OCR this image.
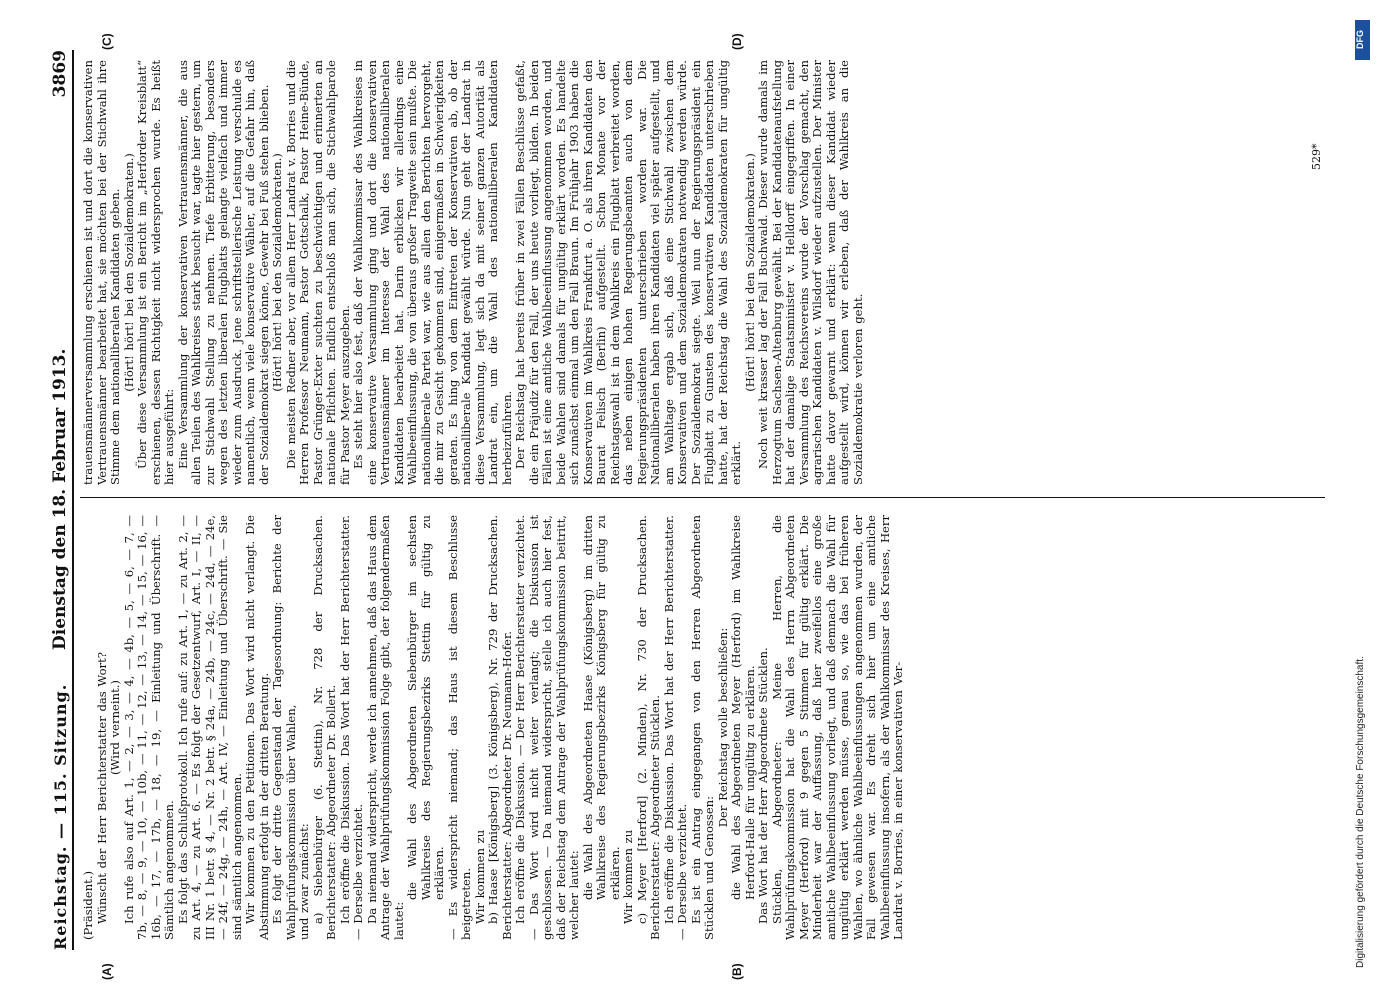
Reichstag. — 115. Sitzung.
Dienstag den 18. Februar 1913.
3869
(A)	(B)
(C)	(D)

(Präsident.) Wünscht der Herr Berichterstatter das Wort? (Wird verneint.) Ich rufe also auf Art. 1, — 2, — 3, — 4, — 4b, — 5, — 6, — 7, — 7b, — 8, — 9, — 10, — 10b, — 11, — 12, — 13, — 14, — 15, — 16, — 16b, — 17, — 17b, — 18, — 19, — Einleitung und Überschrift. — Sämtlich angenommen. Es folgt das Schlußprotokoll. Ich rufe auf: zu Art. 1, — zu Art. 2, — zu Art. 4, — zu Art. 6. — Es folgt der Gesetzentwurf, Art. I, — II, — III Nr. 1 betr. § 4, — Nr. 2 betr. § 24a, — 24b, — 24c, — 24d, — 24e, — 24f, — 24g, — 24h, — Art. IV, — Einleitung und Überschrift. — Sie sind sämtlich angenommen. Wir kommen zu den Petitionen. Das Wort wird nicht verlangt. Die Abstimmung erfolgt in der dritten Beratung. Es folgt der dritte Gegenstand der Tagesordnung: Berichte der Wahlprüfungskommission über Wahlen, und zwar zunächst: a) Siebenbürger (6. Stettin), Nr. 728 der Drucksachen. Berichterstatter: Abgeordneter Dr. Bollert. Ich eröffne die Diskussion. Das Wort hat der Herr Berichterstatter. — Derselbe verzichtet. Da niemand widerspricht, werde ich annehmen, daß das Haus dem Antrage der Wahlprüfungskommission Folge gibt, der folgendermaßen lautet:

die Wahl des Abgeordneten Siebenbürger im sechsten Wahlkreise des Regierungsbezirks Stettin für gültig zu erklären. — Es widerspricht niemand; das Haus ist diesem Beschlusse beigetreten. Wir kommen zu b) Haase [Königsberg] (3. Königsberg), Nr. 729 der Drucksachen. Berichterstatter: Abgeordneter Dr. Neumann-Hofer. Ich eröffne die Diskussion. — Der Herr Berichterstatter verzichtet. — Das Wort wird nicht weiter verlangt; die Diskussion ist geschlossen. — Da niemand widerspricht, stelle ich auch hier fest, daß der Reichstag dem Antrage der Wahlprüfungskommission beitritt, welcher lautet: die Wahl des Abgeordneten Haase (Königsberg) im dritten Wahlkreise des Regierungsbezirks Königsberg für gültig zu erklären. Wir kommen zu c) Meyer [Herford] (2. Minden), Nr. 730 der Drucksachen. Berichterstatter: Abgeordneter Stücklen. Ich eröffne die Diskussion. Das Wort hat der Herr Berichterstatter. — Derselbe verzichtet. Es ist ein Antrag eingegangen von den Herren Abgeordneten Stücklen und Genossen:

Der Reichstag wolle beschließen: die Wahl des Abgeordneten Meyer (Herford) im Wahlkreise Herford-Halle für ungültig zu erklären. Das Wort hat der Herr Abgeordnete Stücklen. Stücklen, Abgeordneter: Meine Herren, die Wahlprüfungskommission hat die Wahl des Herrn Abgeordneten Meyer (Herford) mit 9 gegen 5 Stimmen für gültig erklärt. Die Minderheit war der Auffassung, daß hier zweifellos eine große amtliche Wahlbeeinflussung vorliegt, und daß demnach die Wahl für ungültig erklärt werden müsse, genau so, wie das bei früheren Wahlen, wo ähnliche Wahlbeeinflussungen angenommen wurden, der Fall gewesen war. Es dreht sich hier um eine amtliche Wahlbeeinflussung insofern, als der Wahlkommissar des Kreises, Herr Landrat v. Borries, in einer konservativen Ver-

trauensmännerversammlung erschienen ist und dort die konservativen Vertrauensmänner bearbeitet hat, sie möchten bei der Stichwahl ihre Stimme dem nationalliberalen Kandidaten geben. (Hört! hört! bei den Sozialdemokraten.) Über diese Versammlung ist ein Bericht im „Herforder Kreisblatt“ erschienen, dessen Richtigkeit nicht widersprochen wurde. Es heißt hier ausgeführt: Eine Versammlung der konservativen Vertrauensmänner, die aus allen Teilen des Wahlkreises stark besucht war, tagte hier gestern, um zur Stichwahl Stellung zu nehmen. Tiefe Erbitterung, besonders wegen des letzten liberalen Flugblatts gelangte vielfach und immer wieder zum Ausdruck. Jene schriftstellerische Leistung verschulde es namentlich, wenn viele konservative Wähler, auf die Gefahr hin, daß der Sozialdemokrat siegen könne, Gewehr bei Fuß stehen blieben. (Hört! hört! bei den Sozialdemokraten.) Die meisten Redner aber, vor allem Herr Landrat v. Borries und die Herren Professor Neumann, Pastor Gottschalk, Pastor Heine-Bünde, Pastor Grünger-Exter suchten zu beschwichtigen und erinnerten an nationale Pflichten. Endlich entschloß man sich, die Stichwahlparole für Pastor Meyer auszugeben. Es steht hier also fest, daß der Wahlkommissar des Wahlkreises in eine konservative Versammlung ging und dort die konservativen Vertrauensmänner im Interesse der Wahl des nationalliberalen Kandidaten bearbeitet hat. Darin erblicken wir allerdings eine Wahlbeeinflussung, die von überaus großer Tragweite sein mußte. Die nationalliberale Partei war, wie aus allen den Berichten hervorgeht, die mir zu Gesicht gekommen sind, einigermaßen in Schwierigkeiten geraten. Es hing von dem Eintreten der Konservativen ab, ob der nationalliberale Kandidat gewählt würde. Nun geht der Landrat in diese Versammlung, legt sich da mit seiner ganzen Autorität als Landrat ein, um die Wahl des nationalliberalen Kandidaten herbeizuführen. Der Reichstag hat bereits früher in zwei Fällen Beschlüsse gefaßt, die ein Präjudiz für den Fall, der uns heute vorliegt, bilden. In beiden Fällen ist eine amtliche Wahlbeeinflussung angenommen worden, und beide Wahlen sind damals für ungültig erklärt worden. Es handelte sich zunächst einmal um den Fall Braun. Im Frühjahr 1903 haben die Konservativen im Wahlkreis Frankfurt a. O. als ihren Kandidaten den Baurat Felisch (Berlin) aufgestellt. Schon Monate vor der Reichstagswahl ist in dem Wahlkreis ein Flugblatt verbreitet worden, das neben einigen hohen Regierungsbeamten auch von dem Regierungspräsidenten unterschrieben worden war. Die Nationalliberalen haben ihren Kandidaten viel später aufgestellt, und am Wahltage ergab sich, daß eine Stichwahl zwischen dem Konservativen und dem Sozialdemokraten notwendig werden würde. Der Sozialdemokrat siegte. Weil nun der Regierungspräsident ein Flugblatt zu Gunsten des konservativen Kandidaten unterschrieben hatte, hat der Reichstag die Wahl des Sozialdemokraten für ungültig erklärt.

(Hört! hört! bei den Sozialdemokraten.) Noch weit krasser lag der Fall Buchwald. Dieser wurde damals im Herzogtum Sachsen-Altenburg gewählt. Bei der Kandidatenaufstellung hat der damalige Staatsminister v. Helldorff eingegriffen. In einer Versammlung des Reichsvereins wurde der Vorschlag gemacht, den agrarischen Kandidaten v. Wilsdorf wieder aufzustellen. Der Minister hatte davor gewarnt und erklärt: wenn dieser Kandidat wieder aufgestellt wird, können wir erleben, daß der Wahlkreis an die Sozialdemokratie verloren geht.

529*
DFG
Digitalisierung gefördert durch die Deutsche Forschungsgemeinschaft.
